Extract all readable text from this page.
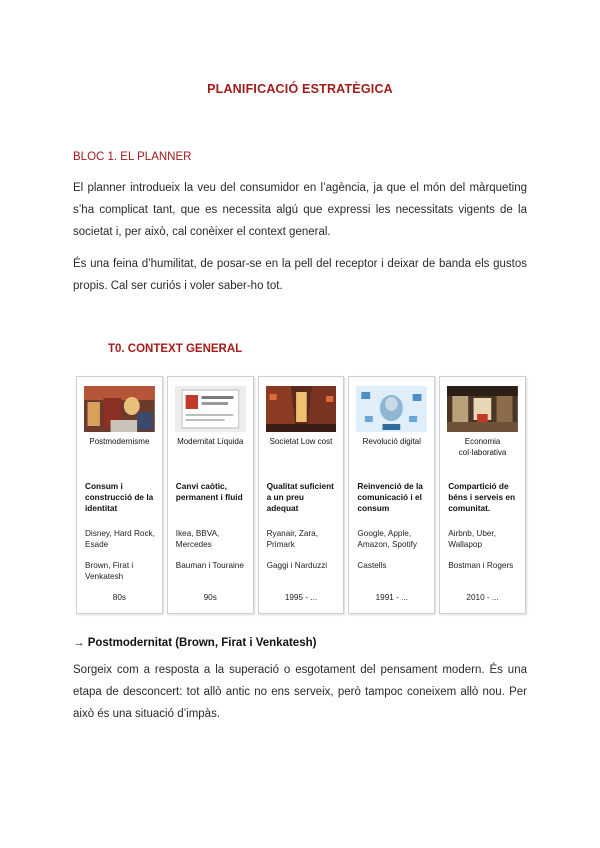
PLANIFICACIÓ ESTRATÈGICA
BLOC 1. EL PLANNER
El planner introdueix la veu del consumidor en l’agència, ja que el món del màrqueting s’ha complicat tant, que es necessita algú que expressi les necessitats vigents de la societat i, per això, cal conèixer el context general.
És una feina d’humilitat, de posar-se en la pell del receptor i deixar de banda els gustos propis. Cal ser curiós i voler saber-ho tot.
T0. CONTEXT GENERAL
Postmodernisme
Consum i construcció de la identitat
Disney, Hard Rock, Esade
Brown, Firat i Venkatesh
80s
Modernitat Líquida
Canvi caòtic, permanent i fluid
Ikea, BBVA, Mercedes
Bauman i Touraine
90s
Societat Low cost
Qualitat suficient a un preu adequat
Ryanair, Zara, Primark
Gaggi i Narduzzi
1995 - ...
Revolució digital
Reinvenció de la comunicació i el consum
Google, Apple, Amazon, Spotify
Castells
1991 - ...
Economia col·laborativa
Compartició de béns i serveis en comunitat.
Airbnb, Uber, Wallapop
Bostman i Rogers
2010 - ...
→ Postmodernitat (Brown, Firat i Venkatesh)
Sorgeix com a resposta a la superació o esgotament del pensament modern. És una etapa de desconcert: tot allò antic no ens serveix, però tampoc coneixem allò nou. Per això és una situació d’impàs.
